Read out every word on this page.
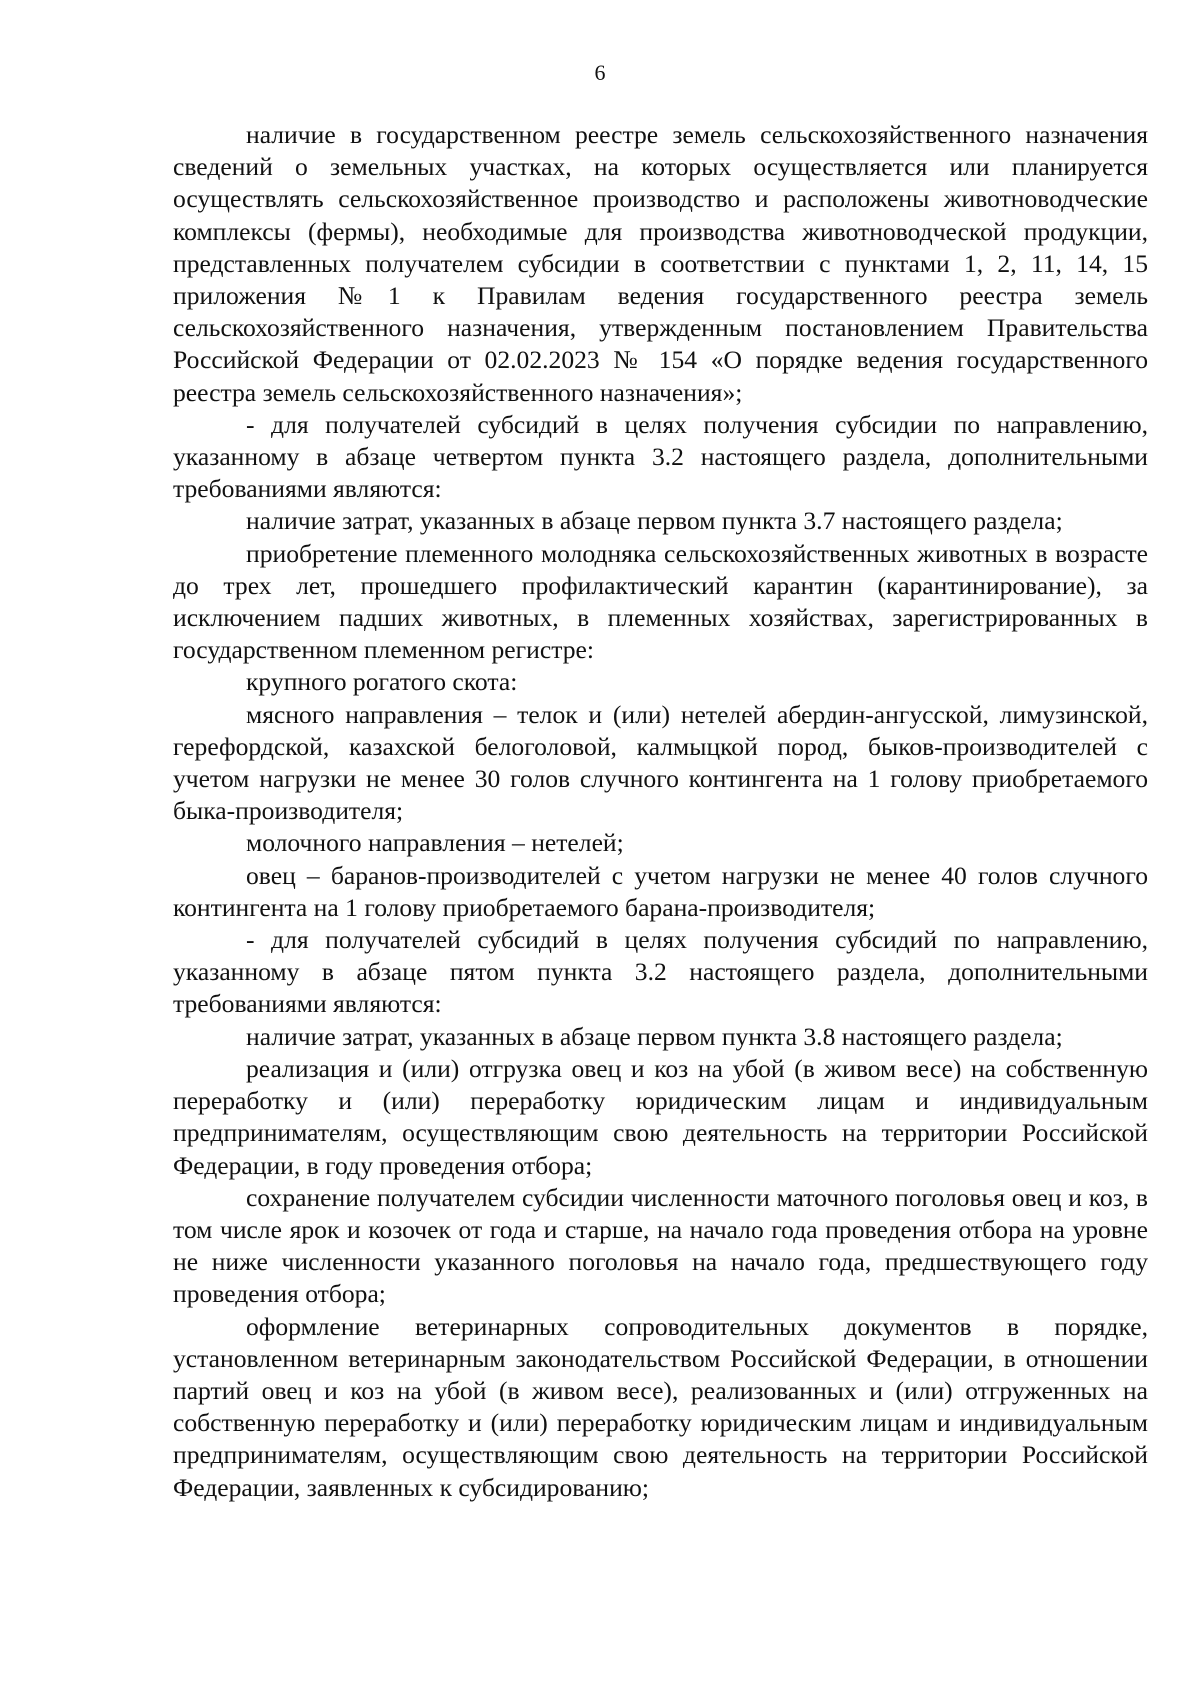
6

наличие в государственном реестре земель сельскохозяйственного назначения сведений о земельных участках, на которых осуществляется или планируется осуществлять сельскохозяйственное производство и расположены животноводческие комплексы (фермы), необходимые для производства животноводческой продукции, представленных получателем субсидии в соответствии с пунктами 1, 2, 11, 14, 15 приложения №1 к Правилам ведения государственного реестра земель сельскохозяйственного назначения, утвержденным постановлением Правительства Российской Федерации от 02.02.2023 № 154 «О порядке ведения государственного реестра земель сельскохозяйственного назначения»;

- для получателей субсидий в целях получения субсидии по направлению, указанному в абзаце четвертом пункта 3.2 настоящего раздела, дополнительными требованиями являются:

наличие затрат, указанных в абзаце первом пункта 3.7 настоящего раздела;

приобретение племенного молодняка сельскохозяйственных животных в возрасте до трех лет, прошедшего профилактический карантин (карантинирование), за исключением падших животных, в племенных хозяйствах, зарегистрированных в государственном племенном регистре:

крупного рогатого скота:

мясного направления – телок и (или) нетелей абердин-ангусской, лимузинской, герефордской, казахской белоголовой, калмыцкой пород, быков-производителей с учетом нагрузки не менее 30 голов случного контингента на 1 голову приобретаемого быка-производителя;

молочного направления – нетелей;

овец – баранов-производителей с учетом нагрузки не менее 40 голов случного контингента на 1 голову приобретаемого барана-производителя;

- для получателей субсидий в целях получения субсидий по направлению, указанному в абзаце пятом пункта 3.2 настоящего раздела, дополнительными требованиями являются:

наличие затрат, указанных в абзаце первом пункта 3.8 настоящего раздела;

реализация и (или) отгрузка овец и коз на убой (в живом весе) на собственную переработку и (или) переработку юридическим лицам и индивидуальным предпринимателям, осуществляющим свою деятельность на территории Российской Федерации, в году проведения отбора;

сохранение получателем субсидии численности маточного поголовья овец и коз, в том числе ярок и козочек от года и старше, на начало года проведения отбора на уровне не ниже численности указанного поголовья на начало года, предшествующего году проведения отбора;

оформление ветеринарных сопроводительных документов в порядке, установленном ветеринарным законодательством Российской Федерации, в отношении партий овец и коз на убой (в живом весе), реализованных и (или) отгруженных на собственную переработку и (или) переработку юридическим лицам и индивидуальным предпринимателям, осуществляющим свою деятельность на территории Российской Федерации, заявленных к субсидированию;
